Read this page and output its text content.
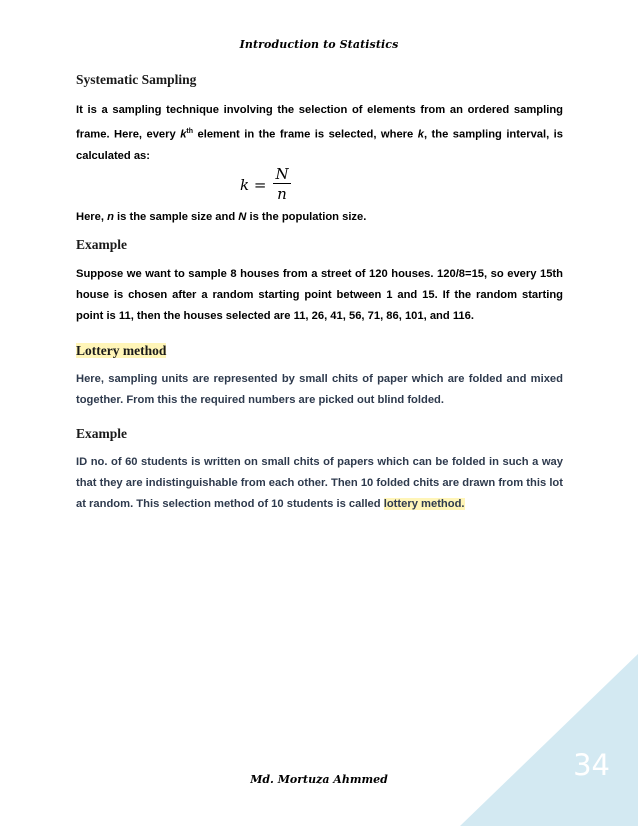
Introduction to Statistics
Systematic Sampling
It is a sampling technique involving the selection of elements from an ordered sampling frame. Here, every $k^{th}$ element in the frame is selected, where k, the sampling interval, is calculated as:
$k = \frac{N}{n}$
Here, n is the sample size and N is the population size.
Example
Suppose we want to sample 8 houses from a street of 120 houses. 120/8=15, so every 15th house is chosen after a random starting point between 1 and 15. If the random starting point is 11, then the houses selected are 11, 26, 41, 56, 71, 86, 101, and 116.
Lottery method
Here, sampling units are represented by small chits of paper which are folded and mixed together. From this the required numbers are picked out blind folded.
Example
ID no. of 60 students is written on small chits of papers which can be folded in such a way that they are indistinguishable from each other. Then 10 folded chits are drawn from this lot at random. This selection method of 10 students is called lottery method.
34
Md. Mortuza Ahmmed
